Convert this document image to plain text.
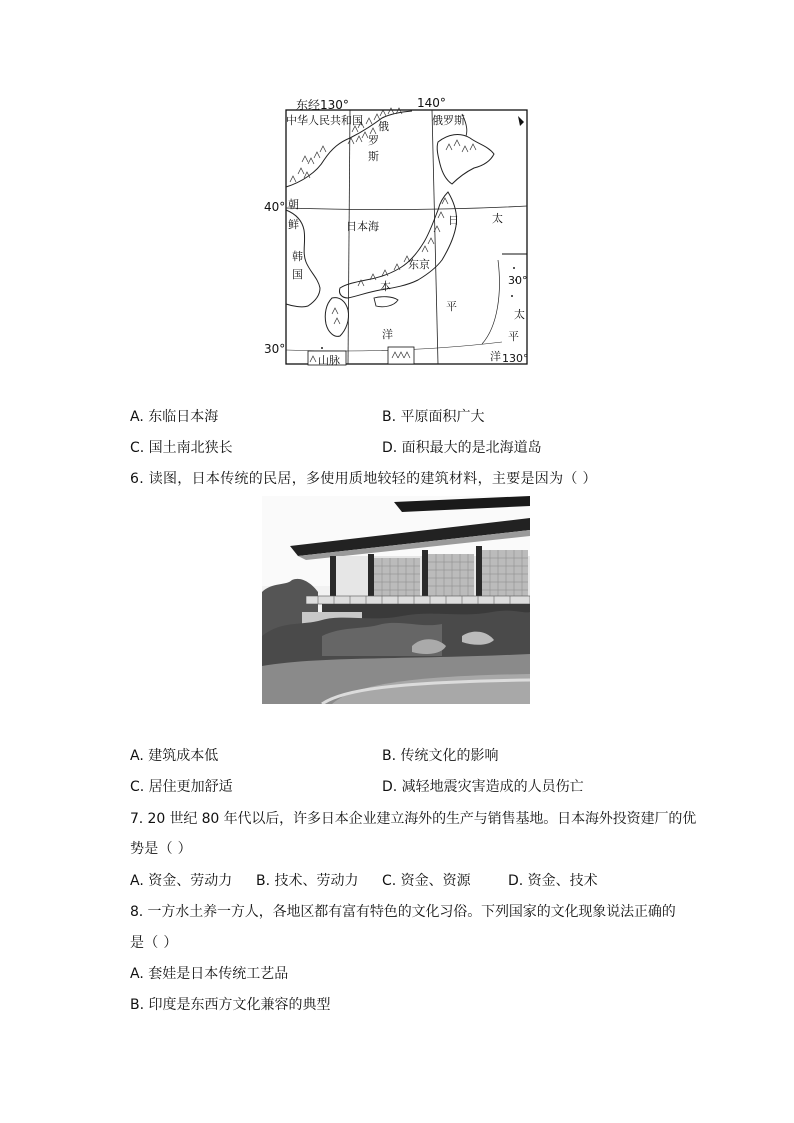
东经130°	140°
40°
30°
中华人民共和国 俄
罗
斯
俄罗斯
朝
鲜
韩
国
日本海	日
本
东京
太
平
洋
30°
太
平
洋 130°
山脉
A. 东临日本海	B. 平原面积广大
C. 国土南北狭长	D. 面积最大的是北海道岛
6. 读图，日本传统的民居，多使用质地较轻的建筑材料，主要是因为（ ）
A. 建筑成本低	B. 传统文化的影响
C. 居住更加舒适	D. 减轻地震灾害造成的人员伤亡
7. 20 世纪 80 年代以后，许多日本企业建立海外的生产与销售基地。日本海外投资建厂的优
势是（ ）
A. 资金、劳动力 B. 技术、劳动力 C. 资金、资源	D. 资金、技术
8. 一方水土养一方人，各地区都有富有特色的文化习俗。下列国家的文化现象说法正确的
是（ ）
A. 套娃是日本传统工艺品
B. 印度是东西方文化兼容的典型
